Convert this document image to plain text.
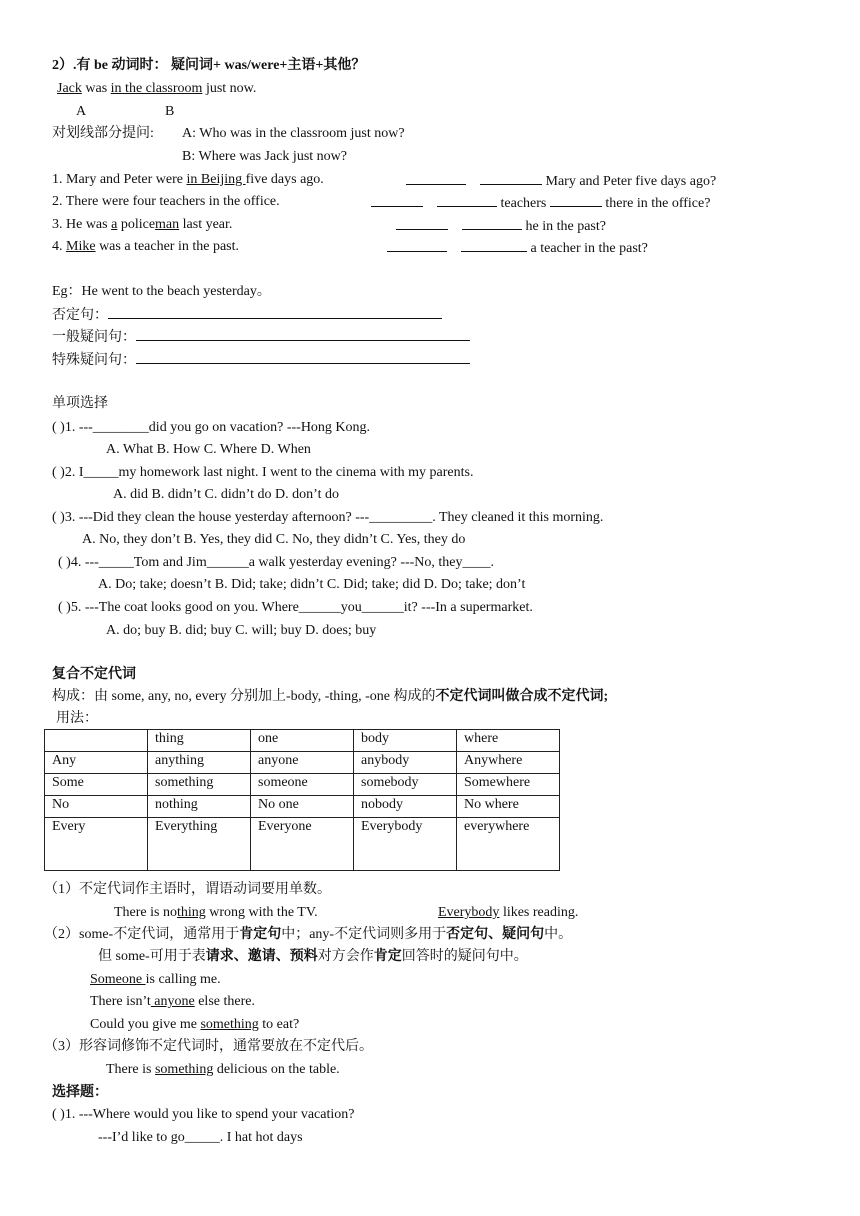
2）.有 be 动词时： 疑问词+ was/were+主语+其他？
Jack was in the classroom just now.
A	B
对划线部分提问: A: Who was in the classroom just now?
B: Where was Jack just now?
1. Mary and Peter were in Beijing five days ago.	Mary and Peter five days ago?
2. There were four teachers in the office.	teachers	there in the office?
3. He was a policeman last year.	he in the past?
4. Mike was a teacher in the past.	a teacher in the past?
Eg：He went to the beach yesterday。
否定句：
一般疑问句：
特殊疑问句：
单项选择
( )1. ---________did you go on vacation? ---Hong Kong.
A. What B. How C. Where D. When
( )2. I_____my homework last night. I went to the cinema with my parents.
A. did B. didn’t C. didn’t do D. don’t do
( )3. ---Did they clean the house yesterday afternoon? ---_________. They cleaned it this morning.
A. No, they don’t B. Yes, they did C. No, they didn’t C. Yes, they do
( )4. ---_____Tom and Jim______a walk yesterday evening? ---No, they____.
A. Do; take; doesn’t B. Did; take; didn’t C. Did; take; did D. Do; take; don’t
( )5. ---The coat looks good on you. Where______you______it? ---In a supermarket.
A. do; buy B. did; buy C. will; buy D. does; buy
复合不定代词
构成：由 some, any, no, every 分别加上-body, -thing, -one 构成的不定代词叫做合成不定代词;
用法：
	thing	one	body	where
Any	anything	anyone	anybody	Anywhere
Some	something	someone	somebody	Somewhere
No	nothing	No one	nobody	No where
Every	Everything	Everyone	Everybody	everywhere
（1）不定代词作主语时，谓语动词要用单数。
There is nothing wrong with the TV.	Everybody likes reading.
（2）some-不定代词，通常用于肯定句中；any-不定代词则多用于否定句、疑问句中。
但 some-可用于表请求、邀请、预料对方会作肯定回答时的疑问句中。
Someone is calling me.
There isn’t anyone else there.
Could you give me something to eat?
（3）形容词修饰不定代词时，通常要放在不定代后。
There is something delicious on the table.
选择题：
( )1. ---Where would you like to spend your vacation?
---I’d like to go_____. I hat hot days
